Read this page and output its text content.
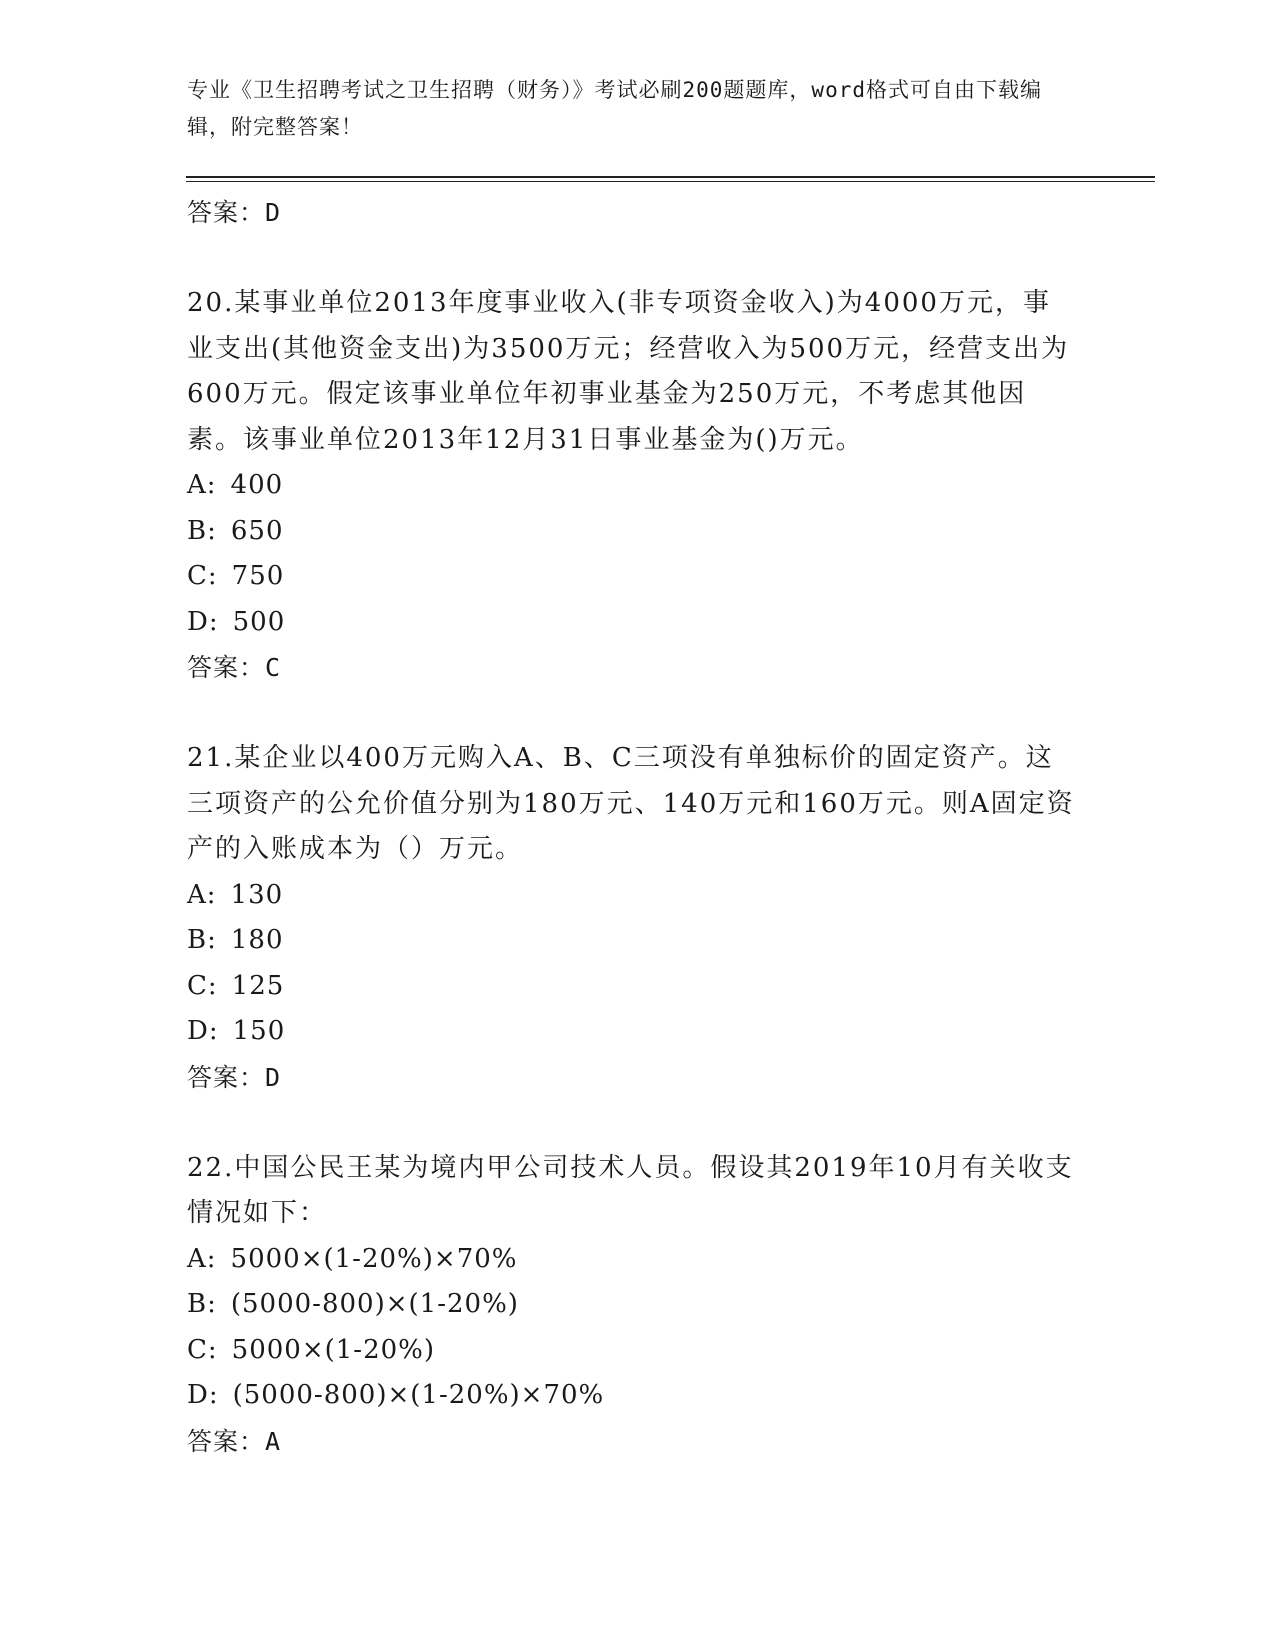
专业《卫生招聘考试之卫生招聘（财务）》考试必刷200题题库，word格式可自由下载编辑，附完整答案！
答案：D
20.某事业单位2013年度事业收入(非专项资金收入)为4000万元，事业支出(其他资金支出)为3500万元；经营收入为500万元，经营支出为600万元。假定该事业单位年初事业基金为250万元，不考虑其他因素。该事业单位2013年12月31日事业基金为()万元。
A: 400
B: 650
C: 750
D: 500
答案：C
21.某企业以400万元购入A、B、C三项没有单独标价的固定资产。这三项资产的公允价值分别为180万元、140万元和160万元。则A固定资产的入账成本为（）万元。
A: 130
B: 180
C: 125
D: 150
答案：D
22.中国公民王某为境内甲公司技术人员。假设其2019年10月有关收支情况如下：
A: 5000×(1-20%)×70%
B: (5000-800)×(1-20%)
C: 5000×(1-20%)
D: (5000-800)×(1-20%)×70%
答案：A
